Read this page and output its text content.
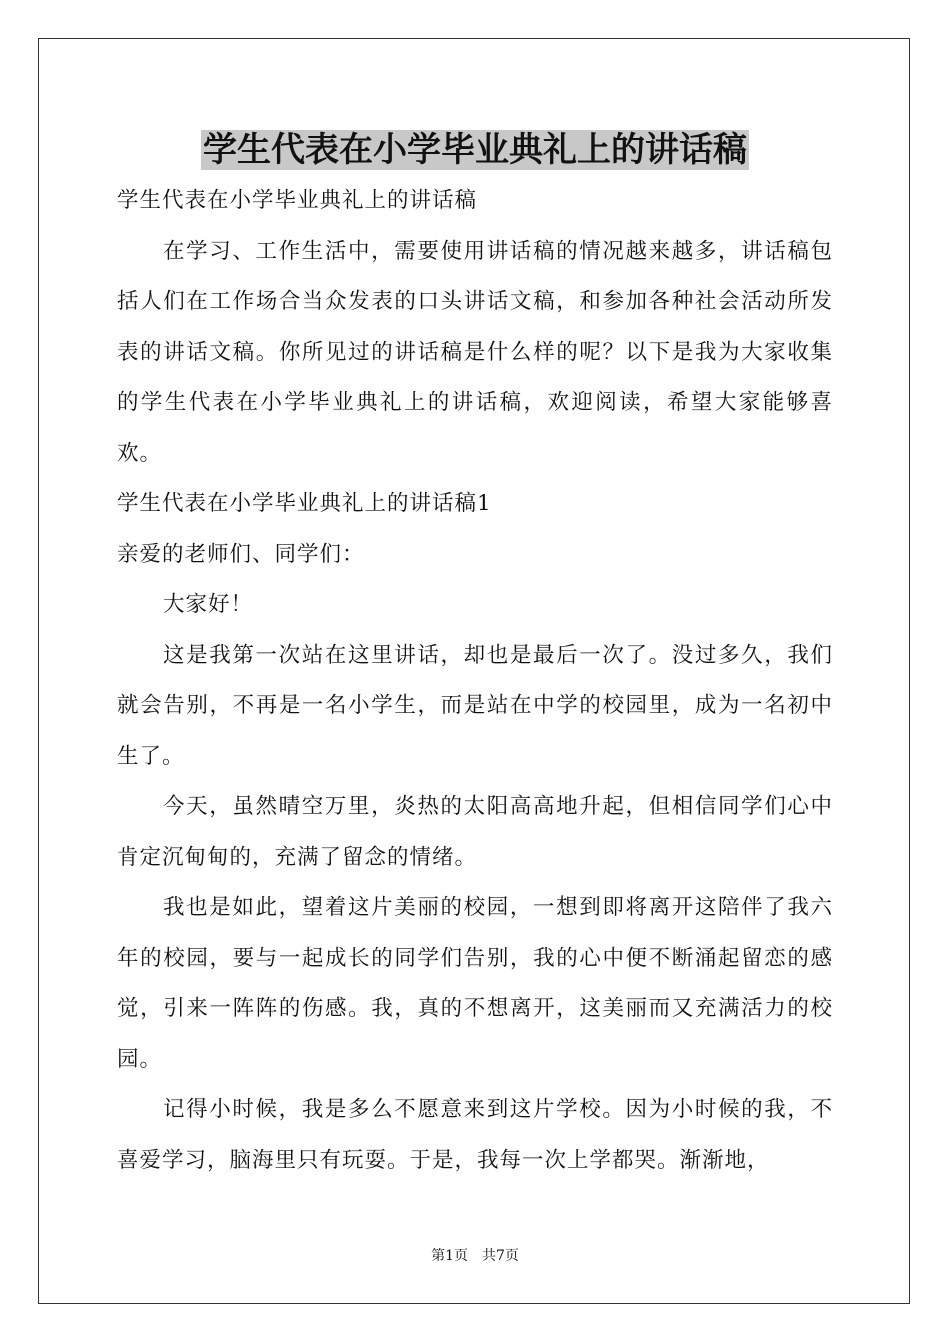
学生代表在小学毕业典礼上的讲话稿

学生代表在小学毕业典礼上的讲话稿

在学习、工作生活中，需要使用讲话稿的情况越来越多，讲话稿包括人们在工作场合当众发表的口头讲话文稿，和参加各种社会活动所发表的讲话文稿。你所见过的讲话稿是什么样的呢？以下是我为大家收集的学生代表在小学毕业典礼上的讲话稿，欢迎阅读，希望大家能够喜欢。

学生代表在小学毕业典礼上的讲话稿1

亲爱的老师们、同学们：

大家好！

这是我第一次站在这里讲话，却也是最后一次了。没过多久，我们就会告别，不再是一名小学生，而是站在中学的校园里，成为一名初中生了。

今天，虽然晴空万里，炎热的太阳高高地升起，但相信同学们心中肯定沉甸甸的，充满了留念的情绪。

我也是如此，望着这片美丽的校园，一想到即将离开这陪伴了我六年的校园，要与一起成长的同学们告别，我的心中便不断涌起留恋的感觉，引来一阵阵的伤感。我，真的不想离开，这美丽而又充满活力的校园。

记得小时候，我是多么不愿意来到这片学校。因为小时候的我，不喜爱学习，脑海里只有玩耍。于是，我每一次上学都哭。渐渐地，

第1页 共7页
